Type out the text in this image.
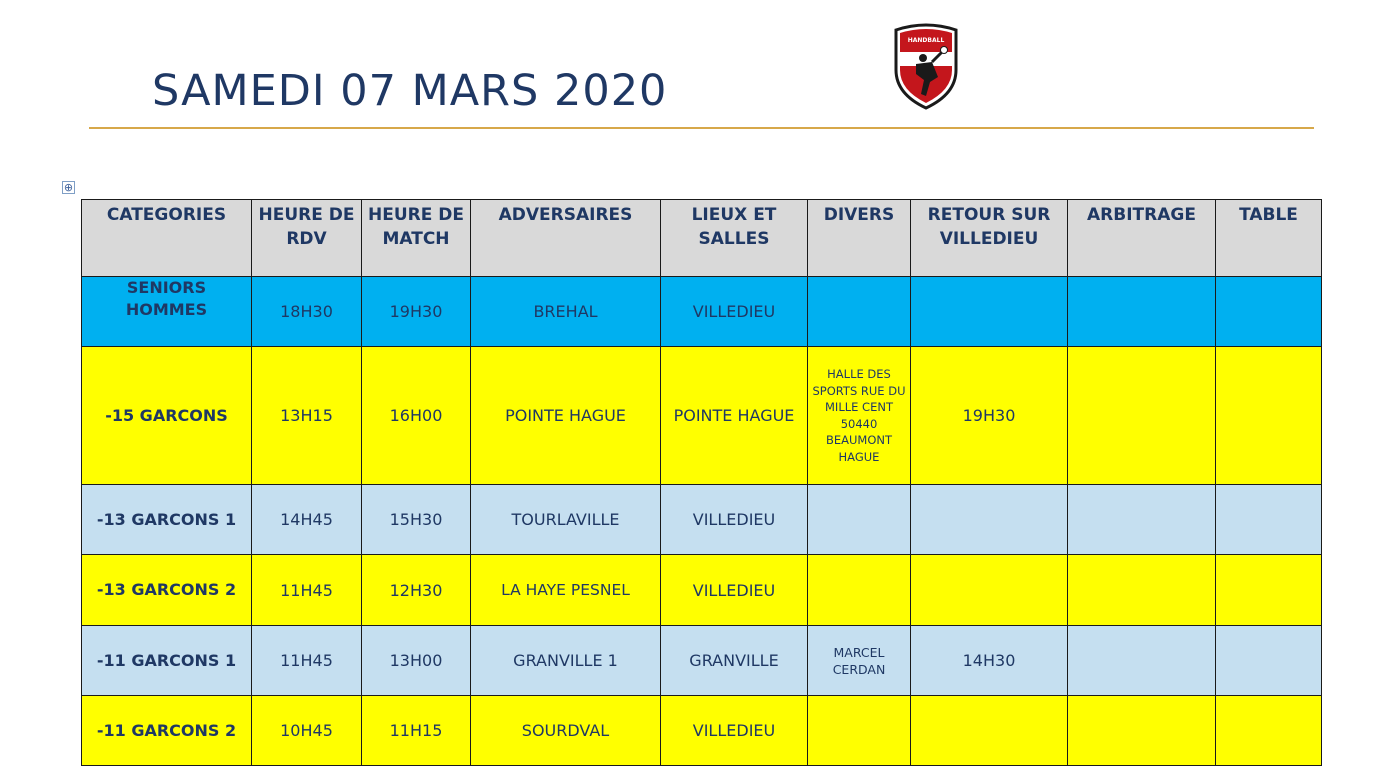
SAMEDI 07 MARS 2020
HANDBALL
⊕
CATEGORIES	HEURE DE RDV	HEURE DE MATCH	ADVERSAIRES	LIEUX ET SALLES	DIVERS	RETOUR SUR VILLEDIEU	ARBITRAGE	TABLE
SENIORS HOMMES	18H30	19H30	BREHAL	VILLEDIEU				
-15 GARCONS	13H15	16H00	POINTE HAGUE	POINTE HAGUE	HALLE DES SPORTS RUE DU MILLE CENT 50440 BEAUMONT HAGUE	19H30		
-13 GARCONS 1	14H45	15H30	TOURLAVILLE	VILLEDIEU				
-13 GARCONS 2	11H45	12H30	LA HAYE PESNEL	VILLEDIEU				
-11 GARCONS 1	11H45	13H00	GRANVILLE 1	GRANVILLE	MARCEL CERDAN	14H30		
-11 GARCONS 2	10H45	11H15	SOURDVAL	VILLEDIEU				
